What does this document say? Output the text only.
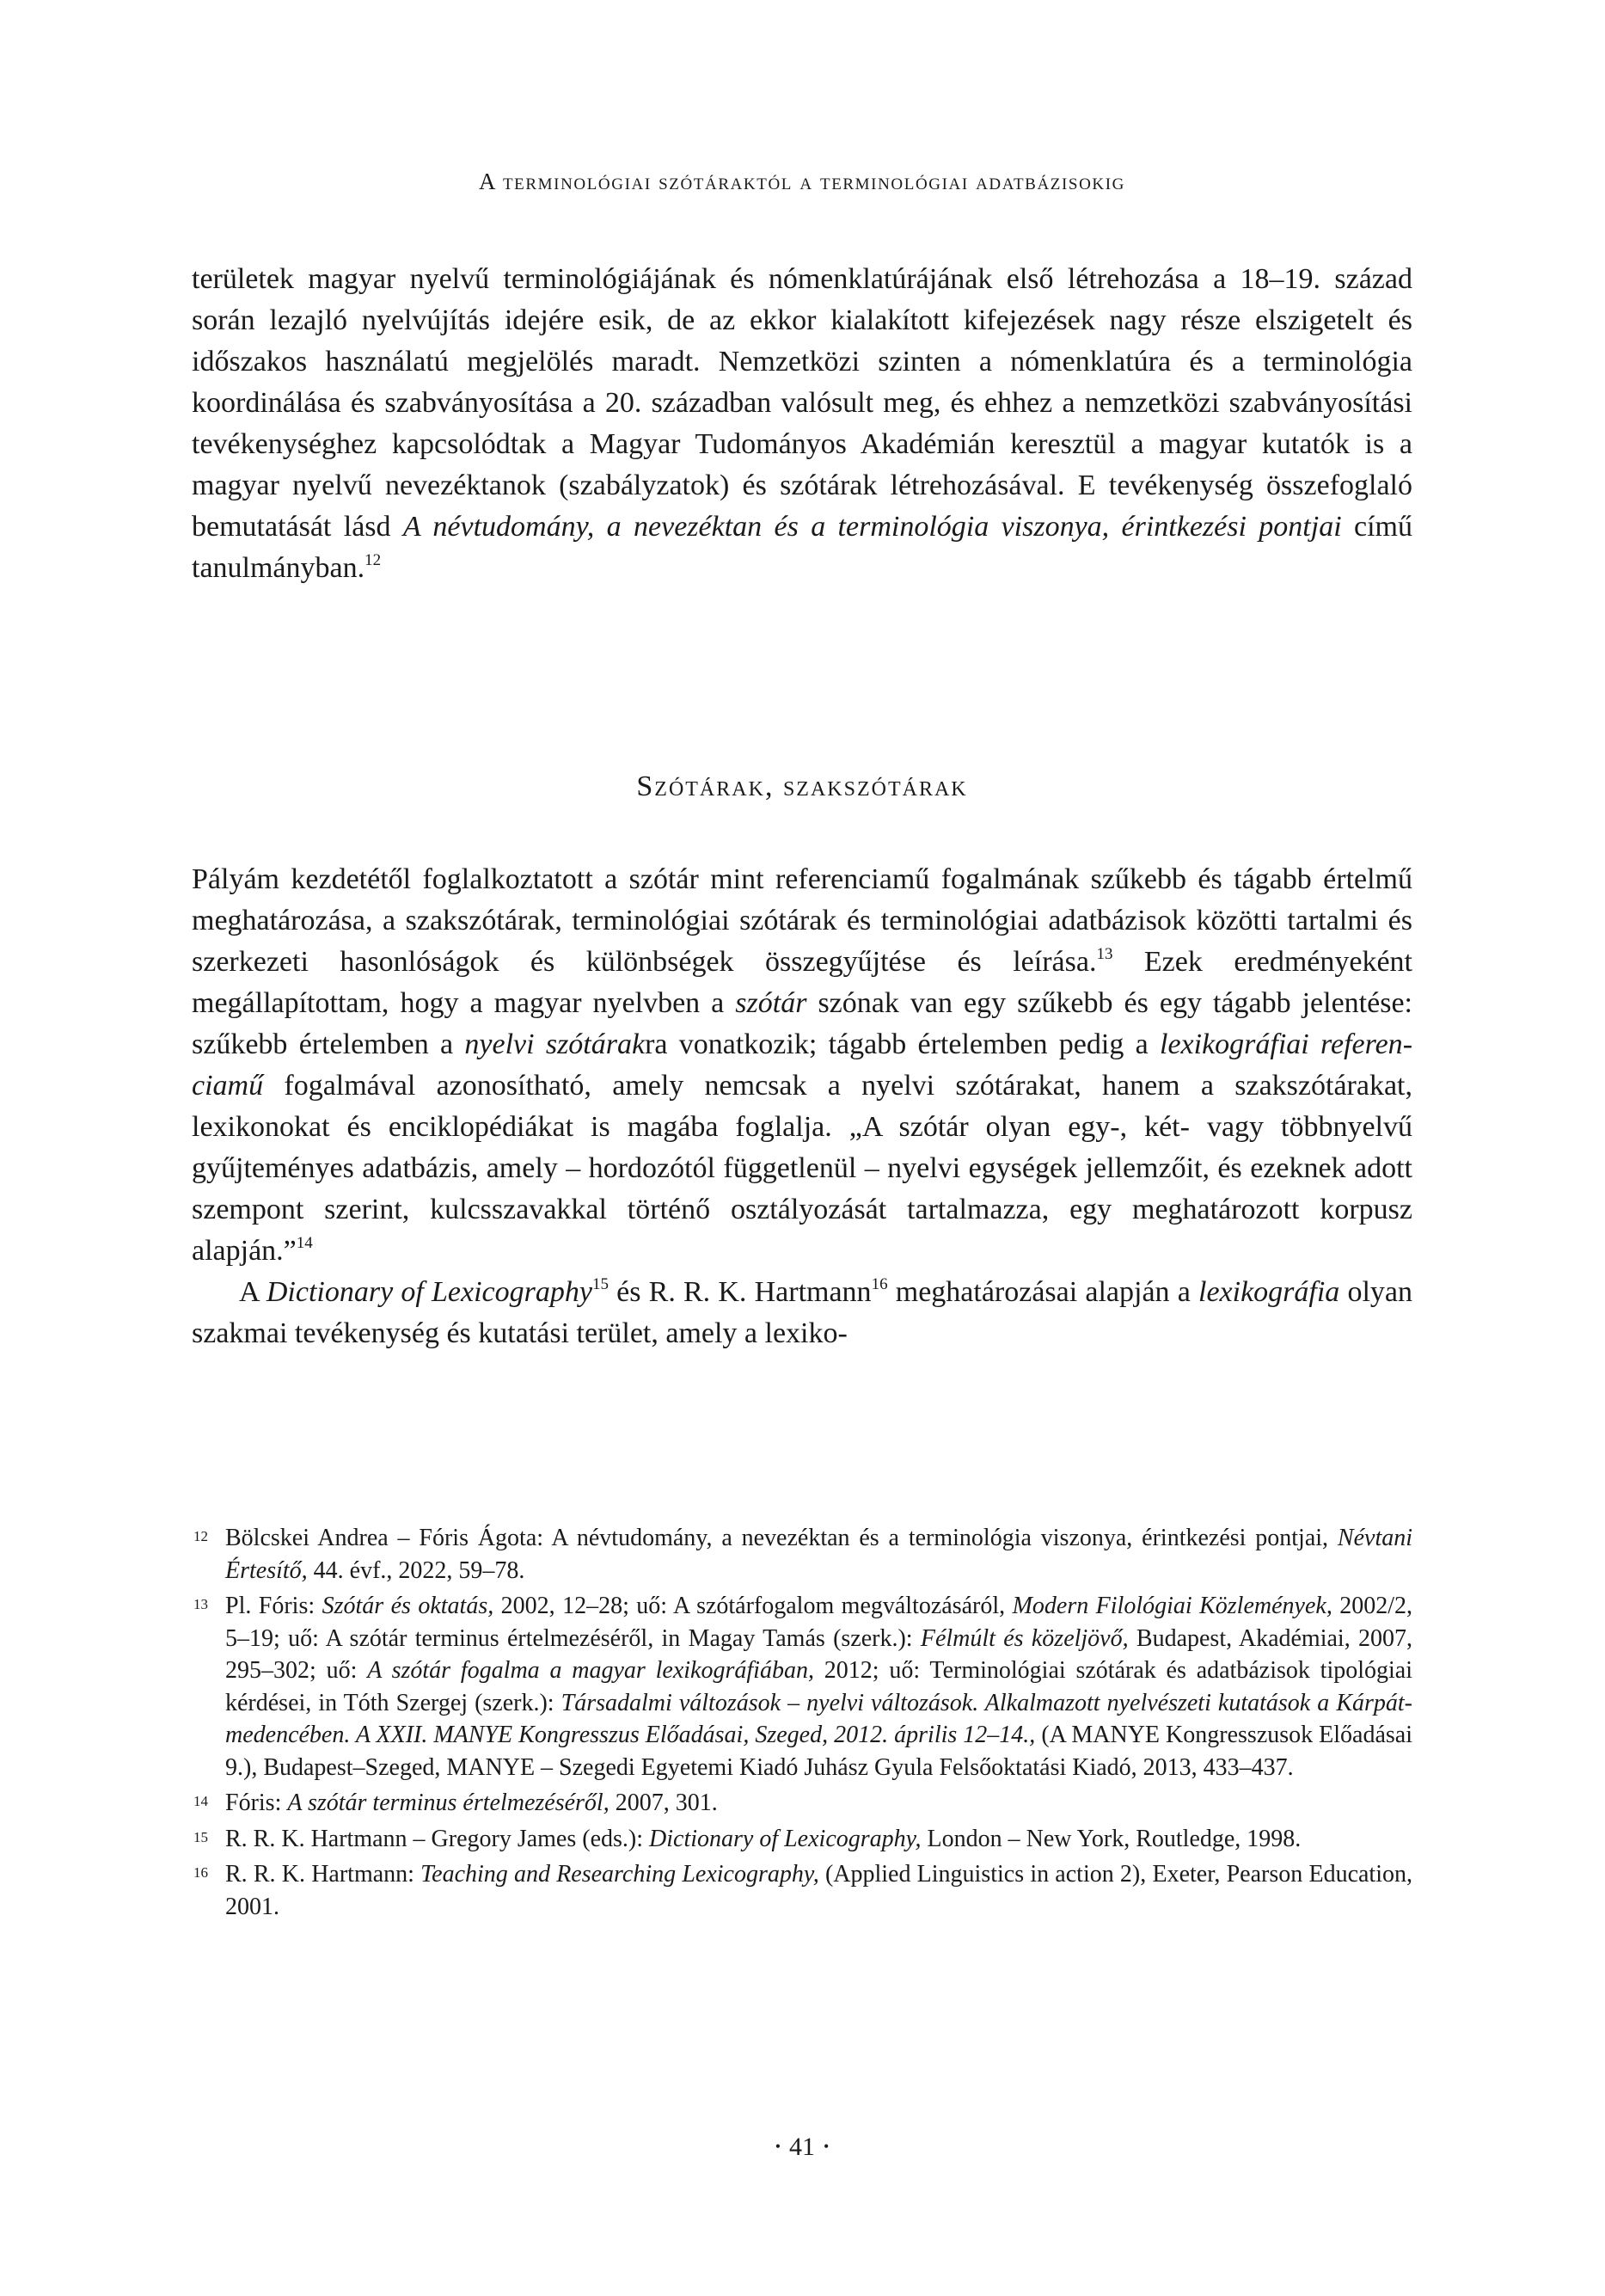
A terminológiai szótáraktól a terminológiai adatbázisokig

területek magyar nyelvű terminológiájának és nómenklatúrájának első létrehozása a 18–19. század során lezajló nyelvújítás idejére esik, de az ekkor kialakított kifejezések nagy része elszigetelt és időszakos használatú megjelölés maradt. Nemzetközi szinten a nómenklatúra és a terminológia koordinálása és szabványosítása a 20. században valósult meg, és ehhez a nemzetközi szabványosítási tevékenységhez kapcsolódtak a Magyar Tudományos Akadémián keresztül a magyar kutatók is a magyar nyelvű nevezéktanok (szabályzatok) és szótárak létrehozásával. E tevékenység összefoglaló bemutatását lásd A névtudomány, a nevezéktan és a terminológia viszonya, érintkezési pontjai című tanulmányban.$^{12}$

Szótárak, szakszótárak

Pályám kezdetétől foglalkoztatott a szótár mint referenciamű fogalmának szűkebb és tágabb értelmű meghatározása, a szakszótárak, terminológiai szótárak és terminológiai adatbázisok közötti tartalmi és szerkezeti hasonlóságok és különbségek összegyűjtése és leírása.$^{13}$ Ezek eredményeként megállapítottam, hogy a magyar nyelvben a szótár szónak van egy szűkebb és egy tágabb jelentése: szűkebb értelemben a nyelvi szótárakra vonatkozik; tágabb értelemben pedig a lexikográfiai referenciamű fogalmával azonosítható, amely nemcsak a nyelvi szótárakat, hanem a szakszótárakat, lexikonokat és enciklopédiákat is magába foglalja. „A szótár olyan egy-, két- vagy többnyelvű gyűjteményes adatbázis, amely – hordozótól függetlenül – nyelvi egységek jellemzőit, és ezeknek adott szempont szerint, kulcsszavakkal történő osztályozását tartalmazza, egy meghatározott korpusz alapján.”$^{14}$

A Dictionary of Lexicography$^{15}$ és R. R. K. Hartmann$^{16}$ meghatározásai alapján a lexikográfia olyan szakmai tevékenység és kutatási terület, amely a lexiko-

12 Bölcskei Andrea – Fóris Ágota: A névtudomány, a nevezéktan és a terminológia viszonya, érintkezési pontjai, Névtani Értesítő, 44. évf., 2022, 59–78.
13 Pl. Fóris: Szótár és oktatás, 2002, 12–28; uő: A szótárfogalom megváltozásáról, Modern Filológiai Közlemények, 2002/2, 5–19; uő: A szótár terminus értelmezéséről, in Magay Tamás (szerk.): Félmúlt és közeljövő, Budapest, Akadémiai, 2007, 295–302; uő: A szótár fogalma a magyar lexikográfiában, 2012; uő: Terminológiai szótárak és adatbázisok tipológiai kérdései, in Tóth Szergej (szerk.): Társadalmi változások – nyelvi változások. Alkalmazott nyelvészeti kutatások a Kárpátmedencében. A XXII. MANYE Kongresszus Előadásai, Szeged, 2012. április 12–14., (A MANYE Kongresszusok Előadásai 9.), Budapest–Szeged, MANYE – Szegedi Egyetemi Kiadó Juhász Gyula Felsőoktatási Kiadó, 2013, 433–437.
14 Fóris: A szótár terminus értelmezéséről, 2007, 301.
15 R. R. K. Hartmann – Gregory James (eds.): Dictionary of Lexicography, London – New York, Routledge, 1998.
16 R. R. K. Hartmann: Teaching and Researching Lexicography, (Applied Linguistics in action 2), Exeter, Pearson Education, 2001.
• 41 •
